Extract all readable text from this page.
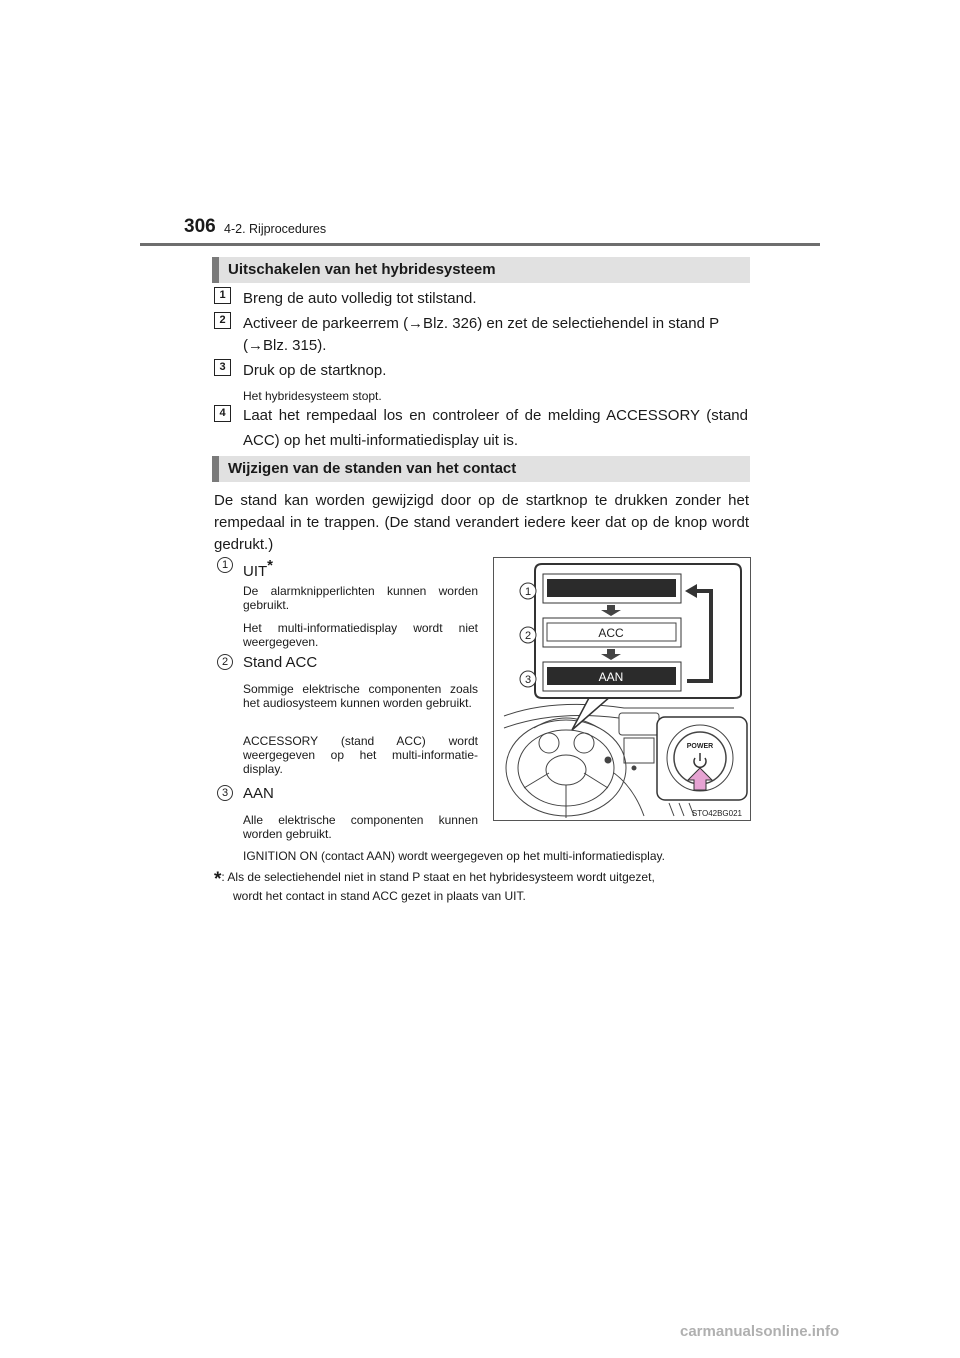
306 4-2. Rijprocedures
Uitschakelen van het hybridesysteem
1	Breng de auto volledig tot stilstand.
2	Activeer de parkeerrem (→Blz. 326) en zet de selectiehendel in stand P
(→Blz. 315).
3	Druk op de startknop.
Het hybridesysteem stopt.
4	Laat het rempedaal los en controleer of de melding ACCESSORY (stand ACC) op het multi-informatiedisplay uit is.
Wijzigen van de standen van het contact
De stand kan worden gewijzigd door op de startknop te drukken zonder het rempedaal in te trappen. (De stand verandert iedere keer dat op de knop wordt gedrukt.)
1 UIT*
De alarmknipperlichten kunnen worden gebruikt.
Het multi-informatiedisplay wordt niet weergegeven.
2 Stand ACC
Sommige elektrische componenten zoals het audiosysteem kunnen worden gebruikt.
ACCESSORY (stand ACC) wordt weergegeven op het multi-informatie-display.
3 AAN
Alle elektrische componenten kunnen worden gebruikt.
IGNITION ON (contact AAN) wordt weergegeven op het multi-informatiedisplay.
*: Als de selectiehendel niet in stand P staat en het hybridesysteem wordt uitgezet,
wordt het contact in stand ACC gezet in plaats van UIT.
ACC
AAN
1
2
3
POWER
STO42BG021
carmanualsonline.info
